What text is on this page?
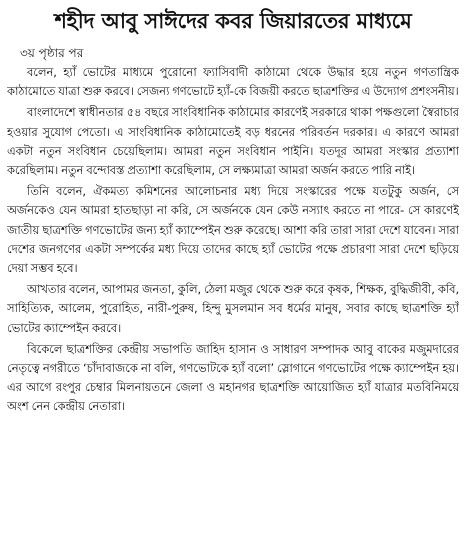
শহীদ আবু সাঈদের কবর জিয়ারতের মাধ্যমে
৩য় পৃষ্ঠার পর

বলেন, হ্যাঁ ভোটের মাধ্যমে পুরোনো ফ্যাসিবাদী কাঠামো থেকে উদ্ধার হয়ে নতুন গণতান্ত্রিক কাঠামোতে যাত্রা শুরু করবে। সেজন্য গণভোটে হ্যাঁ-কে বিজয়ী করতে ছাত্রশক্তির এ উদ্যোগ প্রশংসনীয়।

বাংলাদেশে স্বাধীনতার ৫৪ বছরে সাংবিধানিক কাঠামোর কারণেই সরকারে থাকা পক্ষগুলো স্বৈরাচার হওয়ার সুযোগ পেতো। এ সাংবিধানিক কাঠামোতেই বড় ধরনের পরিবর্তন দরকার। এ কারণে আমরা একটা নতুন সংবিধান চেয়েছিলাম। আমরা নতুন সংবিধান পাইনি। যতদূর আমরা সংস্কার প্রত্যাশা করেছিলাম। নতুন বন্দোবস্ত প্রত্যাশা করেছিলাম, সে লক্ষ্যমাত্রা আমরা অর্জন করতে পারি নাই।

তিনি বলেন, ঐকমত্য কমিশনের আলোচনার মধ্য দিয়ে সংস্কারের পক্ষে যতটুকু অর্জন, সে অর্জনকেও যেন আমরা হাতছাড়া না করি, সে অর্জনকে যেন কেউ নস্যাৎ করতে না পারে- সে কারণেই জাতীয় ছাত্রশক্তি গণভোটের জন্য হ্যাঁ ক্যাম্পেইন শুরু করেছে। আশা করি তারা সারা দেশে যাবেন। সারা দেশের জনগণের একটা সম্পর্কের মধ্য দিয়ে তাদের কাছে হ্যাঁ ভোটের পক্ষে প্রচারণা সারা দেশে ছড়িয়ে দেয়া সম্ভব হবে।

আখতার বলেন, আপামর জনতা, কুলি, ঠেলা মজুর থেকে শুরু করে কৃষক, শিক্ষক, বুদ্ধিজীবী, কবি, সাহিত্যিক, আলেম, পুরোহিত, নারী-পুরুষ, হিন্দু মুসলমান সব ধর্মের মানুষ, সবার কাছে ছাত্রশক্তি হ্যাঁ ভোটের ক্যাম্পেইন করবে।

বিকেলে ছাত্রশক্তির কেন্দ্রীয় সভাপতি জাহিদ হাসান ও সাধারণ সম্পাদক আবু বাকের মজুমদারের নেতৃত্বে নগরীতে ‘চাঁদাবাজকে না বলি, গণভোটকে হ্যাঁ বলো’ স্লোগানে গণভোটের পক্ষে ক্যাম্পেইন হয়। এর আগে রংপুর চেম্বার মিলনায়তনে জেলা ও মহানগর ছাত্রশক্তি আয়োজিত হ্যাঁ যাত্রার মতবিনিময়ে অংশ নেন কেন্দ্রীয় নেতারা।
